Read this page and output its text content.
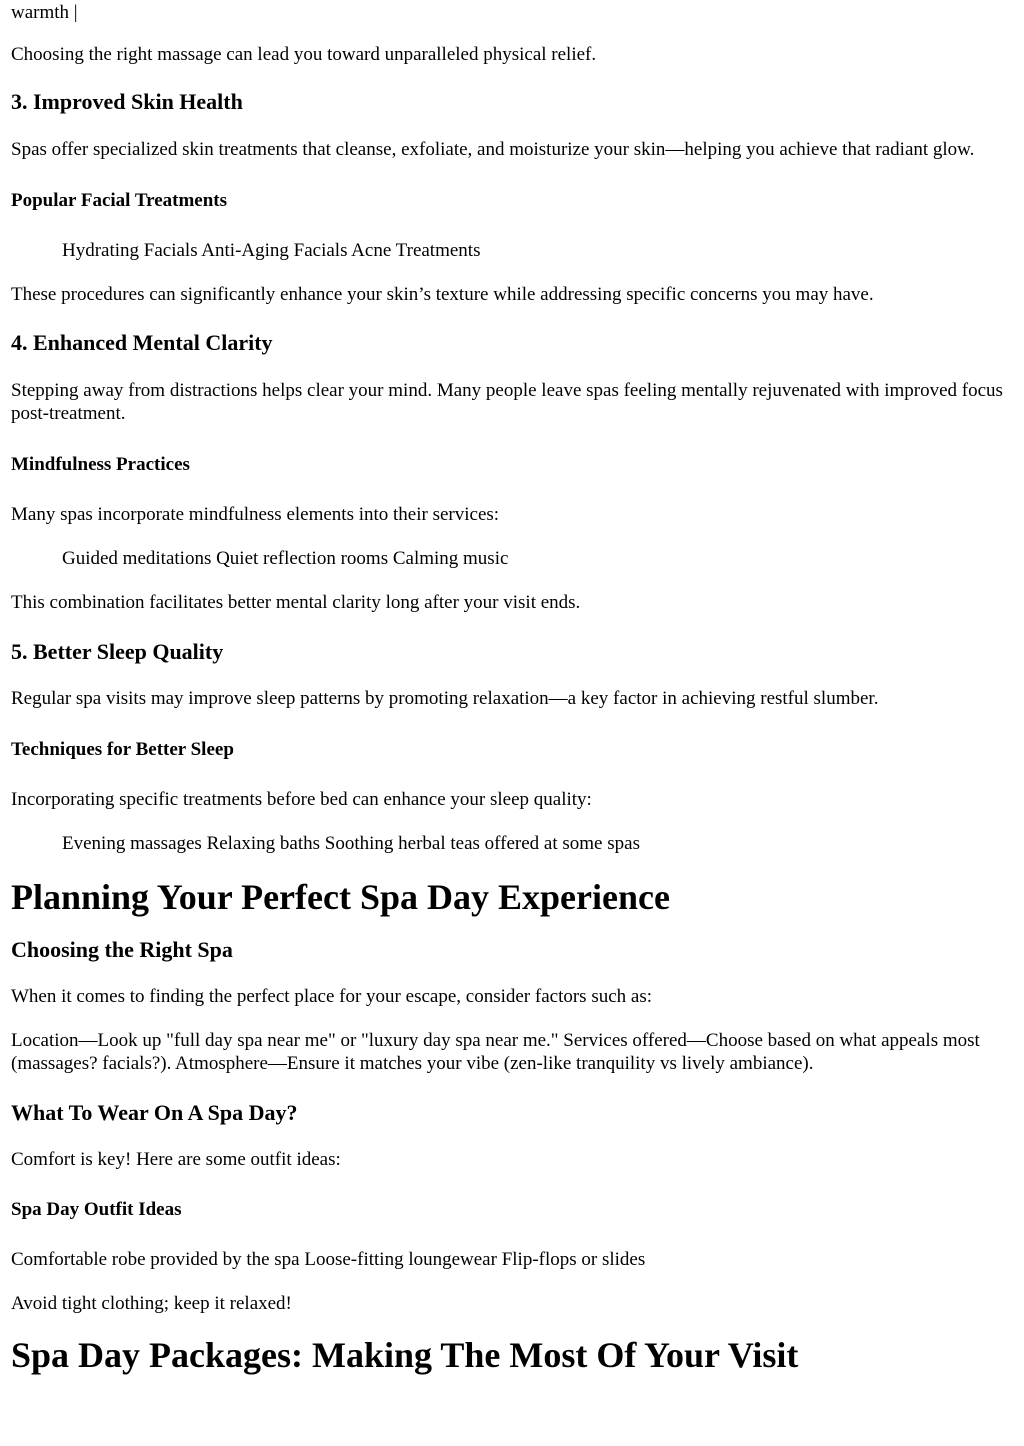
warmth |

Choosing the right massage can lead you toward unparalleled physical relief.

3. Improved Skin Health

Spas offer specialized skin treatments that cleanse, exfoliate, and moisturize your skin—helping you achieve that radiant glow.

Popular Facial Treatments

Hydrating Facials Anti-Aging Facials Acne Treatments

These procedures can significantly enhance your skin’s texture while addressing specific concerns you may have.

4. Enhanced Mental Clarity

Stepping away from distractions helps clear your mind. Many people leave spas feeling mentally rejuvenated with improved focus post-treatment.

Mindfulness Practices

Many spas incorporate mindfulness elements into their services:

Guided meditations Quiet reflection rooms Calming music

This combination facilitates better mental clarity long after your visit ends.

5. Better Sleep Quality

Regular spa visits may improve sleep patterns by promoting relaxation—a key factor in achieving restful slumber.

Techniques for Better Sleep

Incorporating specific treatments before bed can enhance your sleep quality:

Evening massages Relaxing baths Soothing herbal teas offered at some spas

Planning Your Perfect Spa Day Experience
Choosing the Right Spa

When it comes to finding the perfect place for your escape, consider factors such as:

Location—Look up "full day spa near me" or "luxury day spa near me." Services offered—Choose based on what appeals most (massages? facials?). Atmosphere—Ensure it matches your vibe (zen-like tranquility vs lively ambiance).

What To Wear On A Spa Day?

Comfort is key! Here are some outfit ideas:

Spa Day Outfit Ideas

Comfortable robe provided by the spa Loose-fitting loungewear Flip-flops or slides

Avoid tight clothing; keep it relaxed!

Spa Day Packages: Making The Most Of Your Visit
